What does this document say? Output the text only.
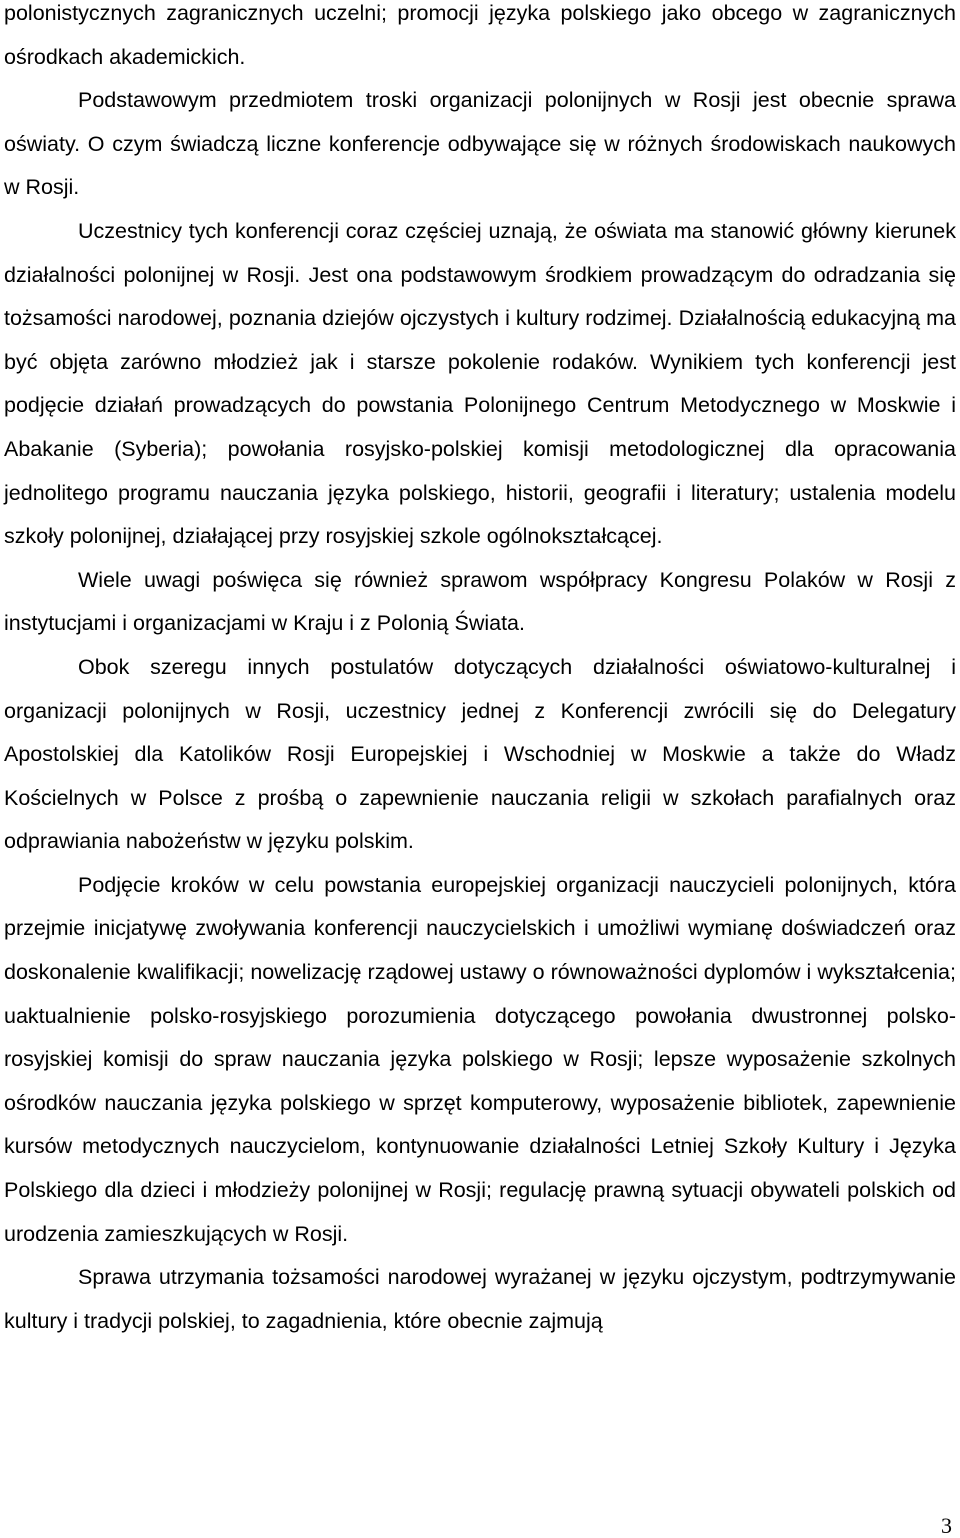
polonistycznych zagranicznych uczelni; promocji języka polskiego jako obcego w zagranicznych ośrodkach akademickich.

Podstawowym przedmiotem troski organizacji polonijnych w Rosji jest obecnie sprawa oświaty. O czym świadczą liczne konferencje odbywające się w różnych środowiskach naukowych w Rosji.

Uczestnicy tych konferencji coraz częściej uznają, że oświata ma stanowić główny kierunek działalności polonijnej w Rosji. Jest ona podstawowym środkiem prowadzącym do odradzania się tożsamości narodowej, poznania dziejów ojczystych i kultury rodzimej. Działalnością edukacyjną ma być objęta zarówno młodzież jak i starsze pokolenie rodaków. Wynikiem tych konferencji jest podjęcie działań prowadzących do powstania Polonijnego Centrum Metodycznego w Moskwie i Abakanie (Syberia); powołania rosyjsko-polskiej komisji metodologicznej dla opracowania jednolitego programu nauczania języka polskiego, historii, geografii i literatury; ustalenia modelu szkoły polonijnej, działającej przy rosyjskiej szkole ogólnokształcącej.

Wiele uwagi poświęca się również sprawom współpracy Kongresu Polaków w Rosji z instytucjami i organizacjami w Kraju i z Polonią Świata.

Obok szeregu innych postulatów dotyczących działalności oświatowo-kulturalnej i organizacji polonijnych w Rosji, uczestnicy jednej z Konferencji zwrócili się do Delegatury Apostolskiej dla Katolików Rosji Europejskiej i Wschodniej w Moskwie a także do Władz Kościelnych w Polsce z prośbą o zapewnienie nauczania religii w szkołach parafialnych oraz odprawiania nabożeństw w języku polskim.

Podjęcie kroków w celu powstania europejskiej organizacji nauczycieli polonijnych, która przejmie inicjatywę zwoływania konferencji nauczycielskich i umożliwi wymianę doświadczeń oraz doskonalenie kwalifikacji; nowelizację rządowej ustawy o równoważności dyplomów i wykształcenia; uaktualnienie polsko-rosyjskiego porozumienia dotyczącego powołania dwustronnej polsko-rosyjskiej komisji do spraw nauczania języka polskiego w Rosji; lepsze wyposażenie szkolnych ośrodków nauczania języka polskiego w sprzęt komputerowy, wyposażenie bibliotek, zapewnienie kursów metodycznych nauczycielom, kontynuowanie działalności Letniej Szkoły Kultury i Języka Polskiego dla dzieci i młodzieży polonijnej w Rosji; regulację prawną sytuacji obywateli polskich od urodzenia zamieszkujących w Rosji.

Sprawa utrzymania tożsamości narodowej wyrażanej w języku ojczystym, podtrzymywanie kultury i tradycji polskiej, to zagadnienia, które obecnie zajmują

3
